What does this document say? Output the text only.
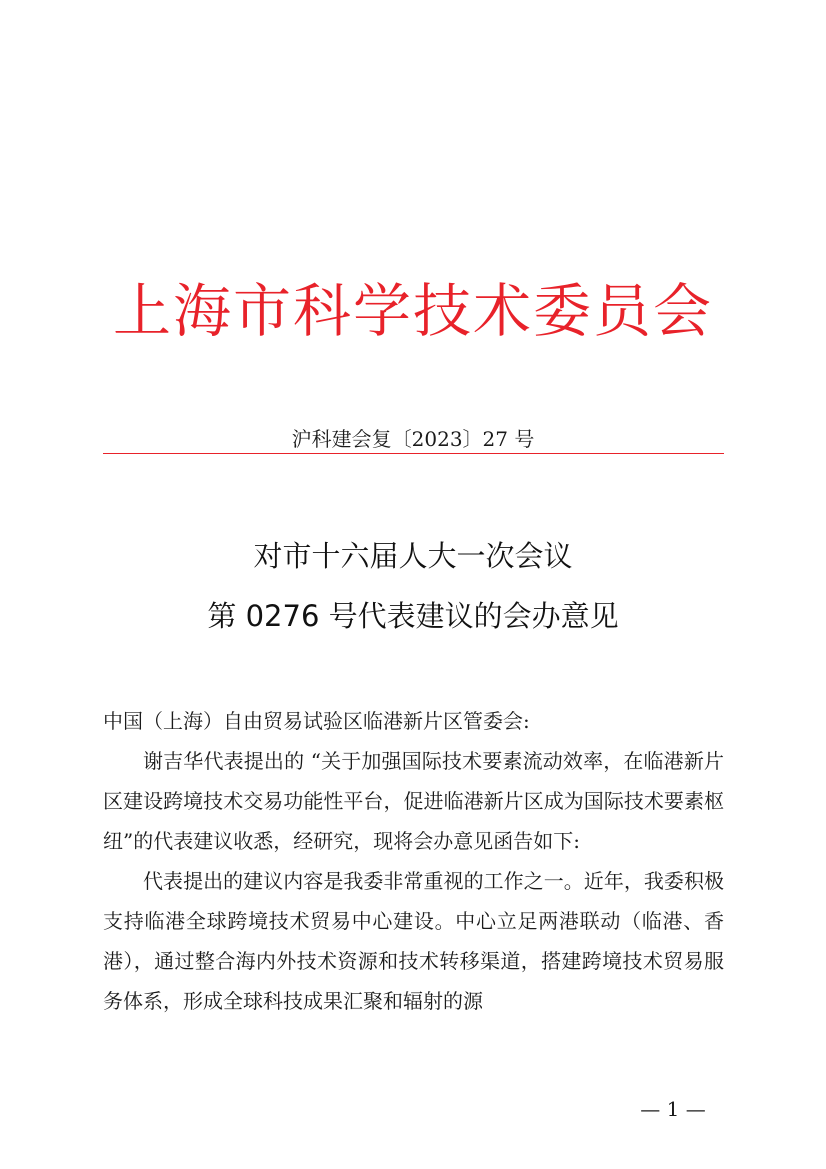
上海市科学技术委员会
沪科建会复〔2023〕27 号
对市十六届人大一次会议
第 0276 号代表建议的会办意见

中国（上海）自由贸易试验区临港新片区管委会:

谢吉华代表提出的 “关于加强国际技术要素流动效率，在临港新片区建设跨境技术交易功能性平台，促进临港新片区成为国际技术要素枢纽”的代表建议收悉，经研究，现将会办意见函告如下:

代表提出的建议内容是我委非常重视的工作之一。近年，我委积极支持临港全球跨境技术贸易中心建设。中心立足两港联动（临港、香港），通过整合海内外技术资源和技术转移渠道，搭建跨境技术贸易服务体系，形成全球科技成果汇聚和辐射的源

— 1 —
